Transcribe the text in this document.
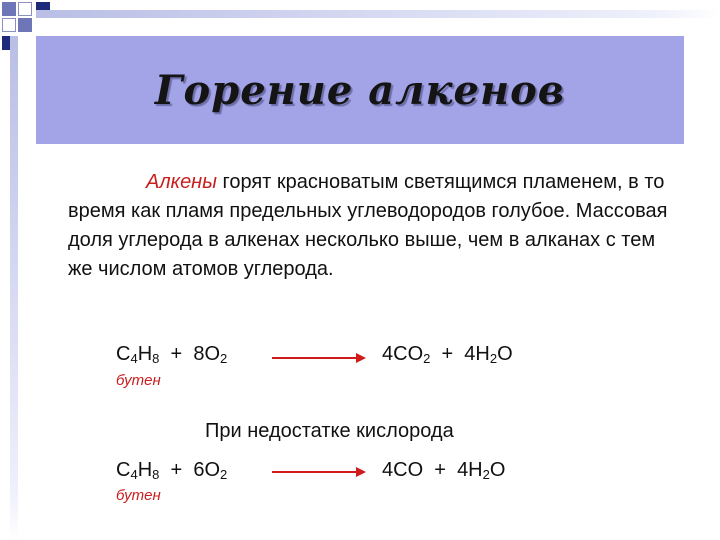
Горение алкенов
Алкены горят красноватым светящимся пламенем, в то время как пламя предельных углеводородов голубое. Массовая доля углерода в алкенах несколько выше, чем в алканах с тем же числом атомов углерода.
$C_4H_8 + 8O_2$	$4CO_2 + 4H_2O$
бутен
При недостатке кислорода
$C_4H_8 + 6O_2$	$4CO + 4H_2O$
бутен
